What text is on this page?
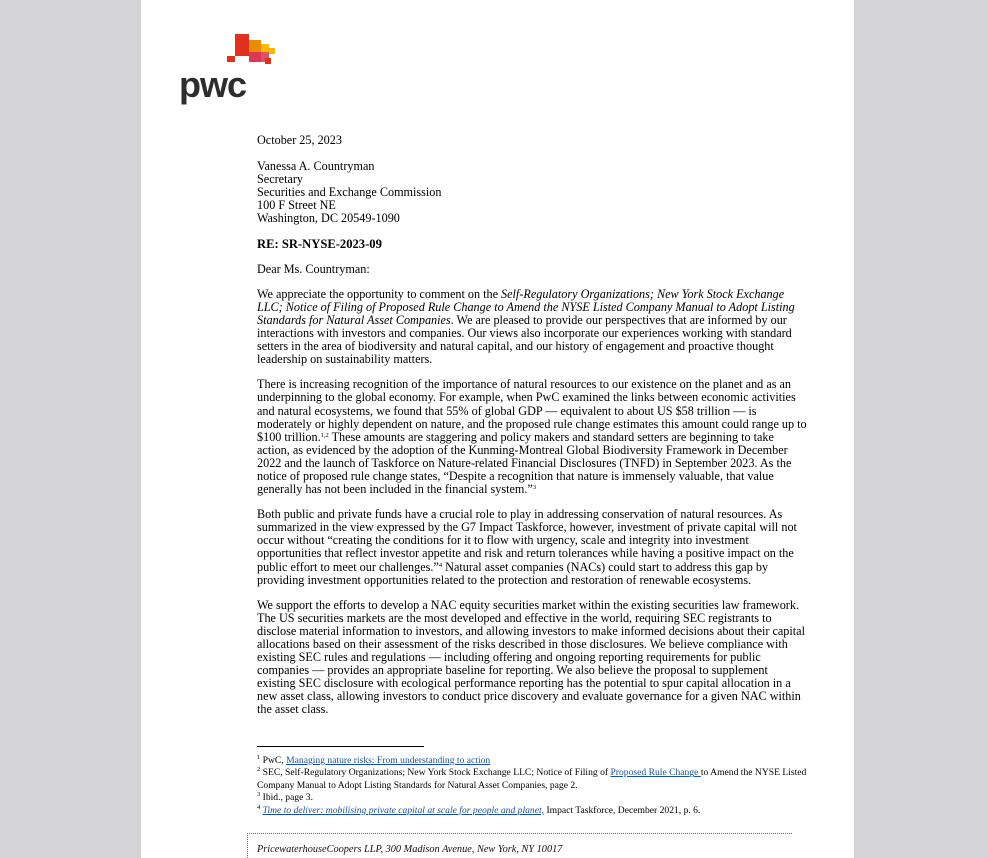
pwc

October 25, 2023

Vanessa A. Countryman

Secretary

Securities and Exchange Commission

100 F Street NE

Washington, DC 20549-1090

RE: SR-NYSE-2023-09

Dear Ms. Countryman:

We appreciate the opportunity to comment on the Self-Regulatory Organizations; New York Stock Exchange LLC; Notice of Filing of Proposed Rule Change to Amend the NYSE Listed Company Manual to Adopt Listing Standards for Natural Asset Companies. We are pleased to provide our perspectives that are informed by our interactions with investors and companies. Our views also incorporate our experiences working with standard setters in the area of biodiversity and natural capital, and our history of engagement and proactive thought leadership on sustainability matters.

There is increasing recognition of the importance of natural resources to our existence on the planet and as an underpinning to the global economy. For example, when PwC examined the links between economic activities and natural ecosystems, we found that 55% of global GDP — equivalent to about US $58 trillion — is moderately or highly dependent on nature, and the proposed rule change estimates this amount could range up to $100 trillion.$^{1,2}$ These amounts are staggering and policy makers and standard setters are beginning to take action, as evidenced by the adoption of the Kunming-Montreal Global Biodiversity Framework in December 2022 and the launch of Taskforce on Nature-related Financial Disclosures (TNFD) in September 2023. As the notice of proposed rule change states, “Despite a recognition that nature is immensely valuable, that value generally has not been included in the financial system.”$^3$

Both public and private funds have a crucial role to play in addressing conservation of natural resources. As summarized in the view expressed by the G7 Impact Taskforce, however, investment of private capital will not occur without “creating the conditions for it to flow with urgency, scale and integrity into investment opportunities that reflect investor appetite and risk and return tolerances while having a positive impact on the public effort to meet our challenges.”$^4$ Natural asset companies (NACs) could start to address this gap by providing investment opportunities related to the protection and restoration of renewable ecosystems.

We support the efforts to develop a NAC equity securities market within the existing securities law framework. The US securities markets are the most developed and effective in the world, requiring SEC registrants to disclose material information to investors, and allowing investors to make informed decisions about their capital allocations based on their assessment of the risks described in those disclosures. We believe compliance with existing SEC rules and regulations — including offering and ongoing reporting requirements for public companies — provides an appropriate baseline for reporting. We also believe the proposal to supplement existing SEC disclosure with ecological performance reporting has the potential to spur capital allocation in a new asset class, allowing investors to conduct price discovery and evaluate governance for a given NAC within the asset class.

$^1$ PwC, Managing nature risks: From understanding to action

$^2$ SEC, Self-Regulatory Organizations; New York Stock Exchange LLC; Notice of Filing of Proposed Rule Change to Amend the NYSE Listed Company Manual to Adopt Listing Standards for Natural Asset Companies, page 2.

$^3$ Ibid., page 3.

$^4$ Time to deliver: mobilising private capital at scale for people and planet, Impact Taskforce, December 2021, p. 6.

PricewaterhouseCoopers LLP, 300 Madison Avenue, New York, NY 10017
